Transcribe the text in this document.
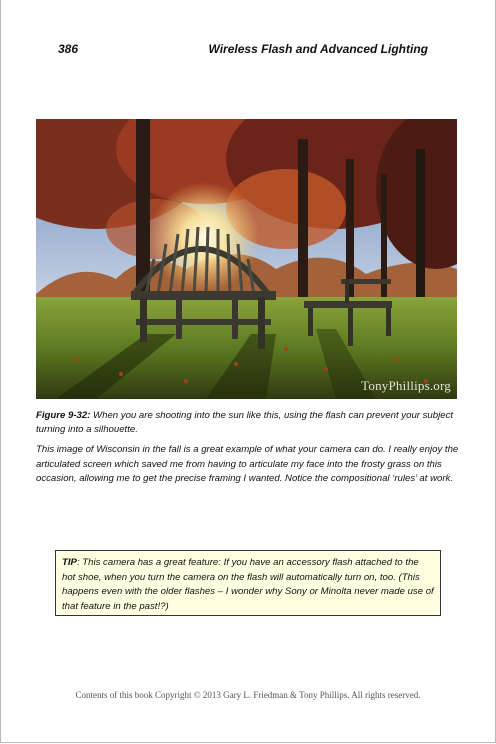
386	Wireless Flash and Advanced Lighting
TonyPhillips.org
Figure 9-32: When you are shooting into the sun like this, using the flash can prevent your subject turning into a silhouette.
This image of Wisconsin in the fall is a great example of what your camera can do. I really enjoy the articulated screen which saved me from having to articulate my face into the frosty grass on this occasion, allowing me to get the precise framing I wanted. Notice the compositional ‘rules’ at work.
TIP: This camera has a great feature: If you have an accessory flash attached to the hot shoe, when you turn the camera on the flash will automatically turn on, too. (This happens even with the older flashes – I wonder why Sony or Minolta never made use of that feature in the past!?)
Contents of this book Copyright © 2013 Gary L. Friedman & Tony Phillips. All rights reserved.
